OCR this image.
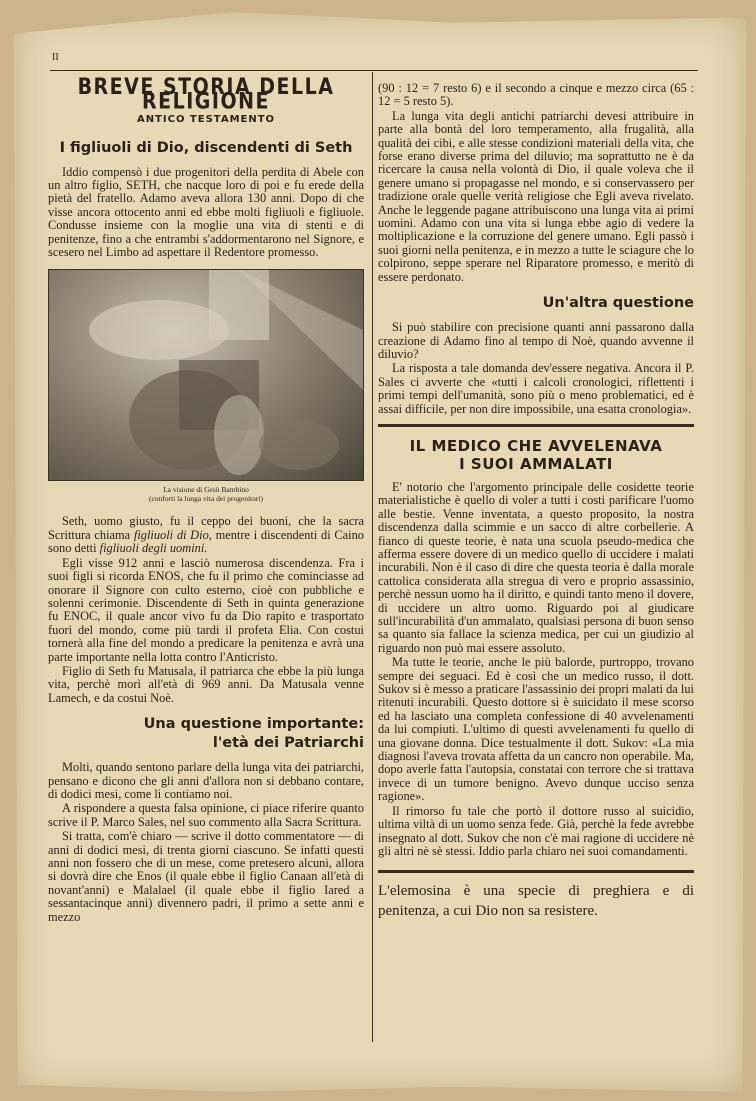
II
BREVE STORIA DELLA RELIGIONE
ANTICO TESTAMENTO
I figliuoli di Dio, discendenti di Seth

Iddio compensò i due progenitori della perdita di Abele con un altro figlio, SETH, che nacque loro di poi e fu erede della pietà del fratello. Adamo aveva allora 130 anni. Dopo di che visse ancora ottocento anni ed ebbe molti figliuoli e figliuole. Condusse insieme con la moglie una vita di stenti e di penitenze, fino a che entrambi s'addormentarono nel Signore, e scesero nel Limbo ad aspettare il Redentore promesso.

La visione di Gesù Bambino
(conforti la lunga vita dei progenitori)

Seth, uomo giusto, fu il ceppo dei buoni, che la sacra Scrittura chiama figliuoli di Dio, mentre i discendenti di Caino sono detti figliuoli degli uomini.

Egli visse 912 anni e lasciò numerosa discendenza. Fra i suoi figli si ricorda ENOS, che fu il primo che cominciasse ad onorare il Signore con culto esterno, cioè con pubbliche e solenni cerimonie. Discendente di Seth in quinta generazione fu ENOC, il quale ancor vivo fu da Dio rapito e trasportato fuori del mondo, come più tardi il profeta Elia. Con costui tornerà alla fine del mondo a predicare la penitenza e avrà una parte importante nella lotta contro l'Anticristo.

Figlio di Seth fu Matusala, il patriarca che ebbe la più lunga vita, perchè morì all'età di 969 anni. Da Matusala venne Lamech, e da costui Noè.

Una questione importante:
l'età dei Patriarchi

Molti, quando sentono parlare della lunga vita dei patriarchi, pensano e dicono che gli anni d'allora non si debbano contare, di dodici mesi, come li contiamo noi.

A rispondere a questa falsa opinione, ci piace riferire quanto scrive il P. Marco Sales, nel suo commento alla Sacra Scrittura.

Si tratta, com'è chiaro — scrive il dotto commentatore — di anni di dodici mesi, di trenta giorni ciascuno. Se infatti questi anni non fossero che di un mese, come pretesero alcuni, allora si dovrà dire che Enos (il quale ebbe il figlio Canaan all'età di novant'anni) e Malalael (il quale ebbe il figlio Iared a sessantacinque anni) divennero padri, il primo a sette anni e mezzo

(90 : 12 = 7 resto 6) e il secondo a cinque e mezzo circa (65 : 12 = 5 resto 5).

La lunga vita degli antichi patriarchi devesi attribuire in parte alla bontà del loro temperamento, alla frugalità, alla qualità dei cibi, e alle stesse condizioni materiali della vita, che forse erano diverse prima del diluvio; ma soprattutto ne è da ricercare la causa nella volontà di Dio, il quale voleva che il genere umano si propagasse nel mondo, e si conservassero per tradizione orale quelle verità religiose che Egli aveva rivelato. Anche le leggende pagane attribuiscono una lunga vita ai primi uomini. Adamo con una vita si lunga ebbe agio di vedere la moltiplicazione e la corruzione del genere umano. Egli passò i suoi giorni nella penitenza, e in mezzo a tutte le sciagure che lo colpirono, seppe sperare nel Riparatore promesso, e meritò di essere perdonato.

Un'altra questione

Si può stabilire con precisione quanti anni passarono dalla creazione di Adamo fino al tempo di Noè, quando avvenne il diluvio?

La risposta a tale domanda dev'essere negativa. Ancora il P. Sales ci avverte che «tutti i calcoli cronologici, riflettenti i primi tempi dell'umanità, sono più o meno problematici, ed è assai difficile, per non dire impossibile, una esatta cronologia».

IL MEDICO CHE AVVELENAVA
I SUOI AMMALATI

E' notorio che l'argomento principale delle cosidette teorie materialistiche è quello di voler a tutti i costi parificare l'uomo alle bestie. Venne inventata, a questo proposito, la nostra discendenza dalla scimmie e un sacco di altre corbellerie. A fianco di queste teorie, è nata una scuola pseudo-medica che afferma essere dovere di un medico quello di uccidere i malati incurabili. Non è il caso di dire che questa teoria è dalla morale cattolica considerata alla stregua di vero e proprio assassinio, perchè nessun uomo ha il diritto, e quindi tanto meno il dovere, di uccidere un altro uomo. Riguardo poi al giudicare sull'incurabilità d'un ammalato, qualsiasi persona di buon senso sa quanto sia fallace la scienza medica, per cui un giudizio al riguardo non può mai essere assoluto.

Ma tutte le teorie, anche le più balorde, purtroppo, trovano sempre dei seguaci. Ed è così che un medico russo, il dott. Sukov si è messo a praticare l'assassinio dei propri malati da lui ritenuti incurabili. Questo dottore si è suicidato il mese scorso ed ha lasciato una completa confessione di 40 avvelenamenti da lui compiuti. L'ultimo di questi avvelenamenti fu quello di una giovane donna. Dice testualmente il dott. Sukov: «La mia diagnosi l'aveva trovata affetta da un cancro non operabile. Ma, dopo averle fatta l'autopsia, constatai con terrore che si trattava invece di un tumore benigno. Avevo dunque ucciso senza ragione».

Il rimorso fu tale che portò il dottore russo al suicidio, ultima viltà di un uomo senza fede. Già, perchè la fede avrebbe insegnato al dott. Sukov che non c'è mai ragione di uccidere nè gli altri nè sè stessi. Iddio parla chiaro nei suoi comandamenti.

L'elemosina è una specie di preghiera e di penitenza, a cui Dio non sa resistere.
